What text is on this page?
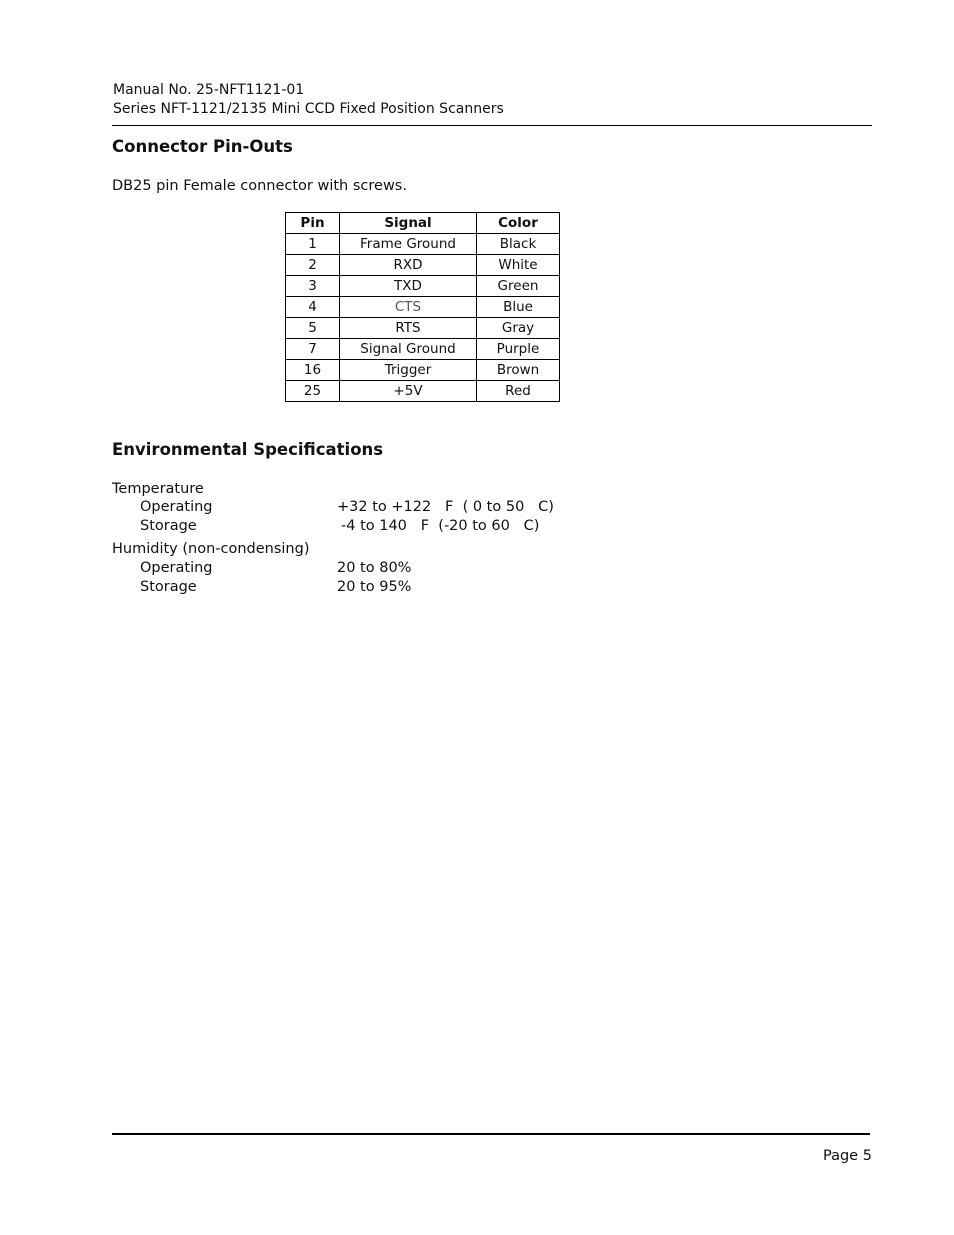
Manual No. 25-NFT1121-01
Series NFT-1121/2135 Mini CCD Fixed Position Scanners
Connector Pin-Outs
DB25 pin Female connector with screws.
Pin	Signal	Color
1	Frame Ground	Black
2	RXD	White
3	TXD	Green
4	CTS	Blue
5	RTS	Gray
7	Signal Ground	Purple
16	Trigger	Brown
25	+5V	Red
Environmental Specifications
Temperature
Operating	+32 to +122   F  ( 0 to 50   C)
Storage	-4 to 140   F  (-20 to 60   C)
Humidity (non-condensing)
Operating	20 to 80%
Storage	20 to 95%
Page 5
